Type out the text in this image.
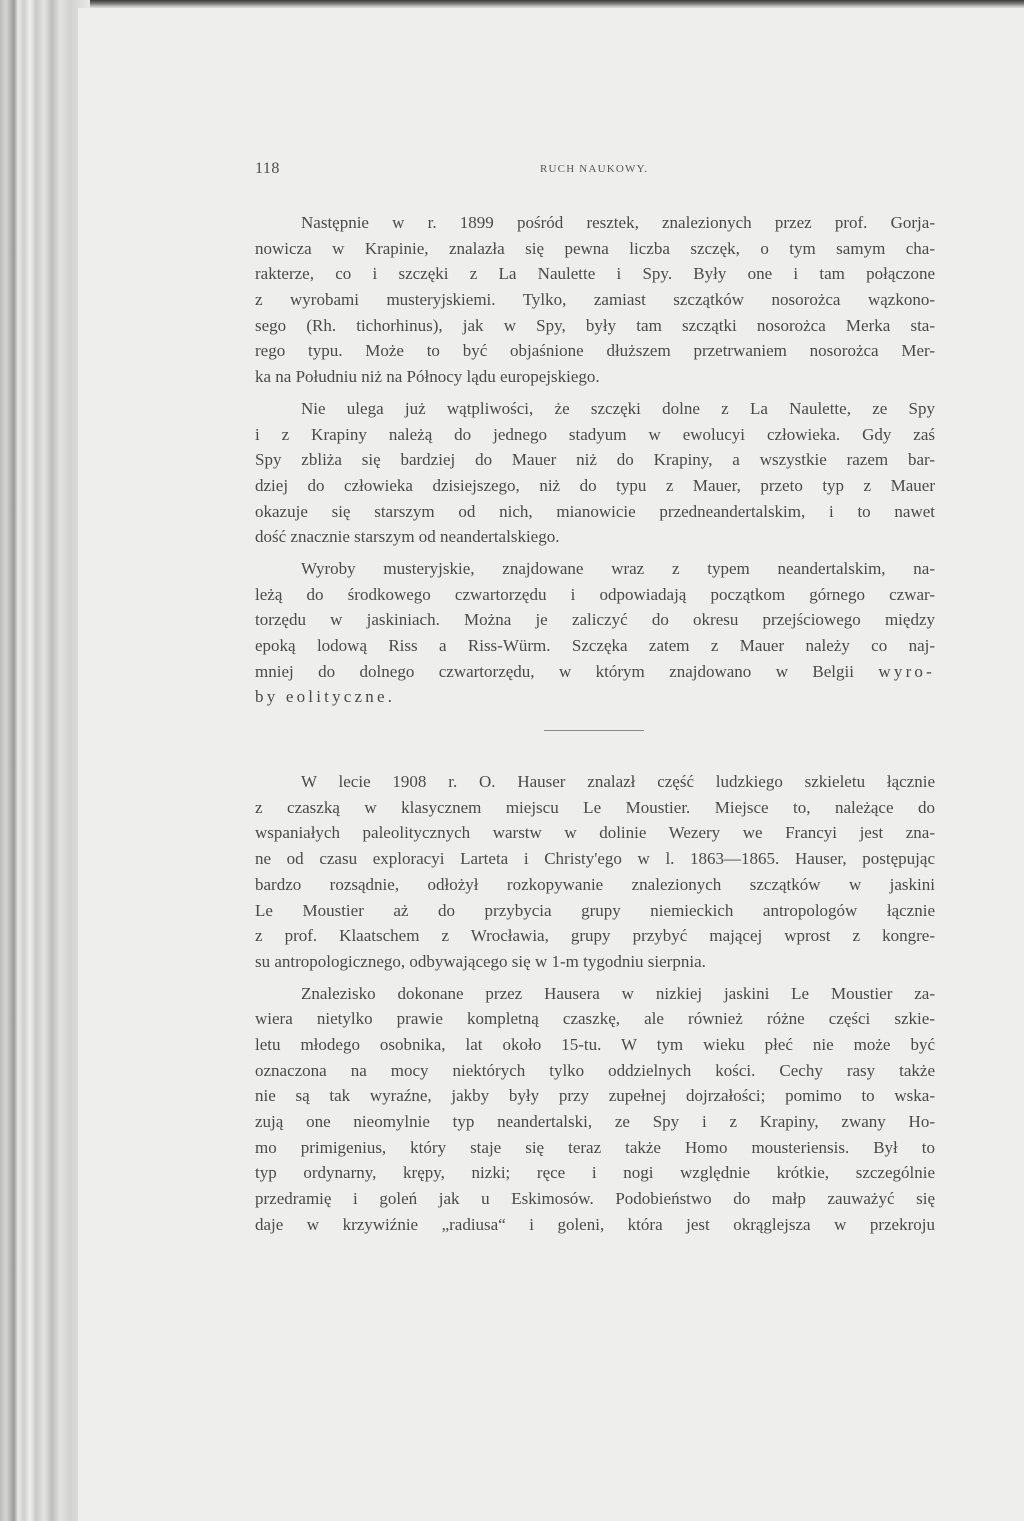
118	RUCH NAUKOWY.
Następnie w r. 1899 pośród resztek, znalezionych przez prof. Gorja-
nowicza w Krapinie, znalazła się pewna liczba szczęk, o tym samym cha-
rakterze, co i szczęki z La Naulette i Spy. Były one i tam połączone
z wyrobami musteryjskiemi. Tylko, zamiast szczątków nosorożca wązkono-
sego (Rh. tichorhinus), jak w Spy, były tam szczątki nosorożca Merka sta-
rego typu. Może to być objaśnione dłuższem przetrwaniem nosorożca Mer-
ka na Południu niż na Północy lądu europejskiego.
Nie ulega już wątpliwości, że szczęki dolne z La Naulette, ze Spy
i z Krapiny należą do jednego stadyum w ewolucyi człowieka. Gdy zaś
Spy zbliża się bardziej do Mauer niż do Krapiny, a wszystkie razem bar-
dziej do człowieka dzisiejszego, niż do typu z Mauer, przeto typ z Mauer
okazuje się starszym od nich, mianowicie przedneandertalskim, i to nawet
dość znacznie starszym od neandertalskiego.
Wyroby musteryjskie, znajdowane wraz z typem neandertalskim, na-
leżą do środkowego czwartorzędu i odpowiadają początkom górnego czwar-
torzędu w jaskiniach. Można je zaliczyć do okresu przejściowego między
epoką lodową Riss a Riss-Würm. Szczęka zatem z Mauer należy co naj-
mniej do dolnego czwartorzędu, w którym znajdowano w Belgii wyro-
by eolityczne.
W lecie 1908 r. O. Hauser znalazł część ludzkiego szkieletu łącznie
z czaszką w klasycznem miejscu Le Moustier. Miejsce to, należące do
wspaniałych paleolitycznych warstw w dolinie Wezery we Francyi jest zna-
ne od czasu exploracyi Larteta i Christy'ego w l. 1863—1865. Hauser, postępując
bardzo rozsądnie, odłożył rozkopywanie znalezionych szczątków w jaskini
Le Moustier aż do przybycia grupy niemieckich antropologów łącznie
z prof. Klaatschem z Wrocławia, grupy przybyć mającej wprost z kongre-
su antropologicznego, odbywającego się w 1-m tygodniu sierpnia.
Znalezisko dokonane przez Hausera w nizkiej jaskini Le Moustier za-
wiera nietylko prawie kompletną czaszkę, ale również różne części szkie-
letu młodego osobnika, lat około 15-tu. W tym wieku płeć nie może być
oznaczona na mocy niektórych tylko oddzielnych kości. Cechy rasy także
nie są tak wyraźne, jakby były przy zupełnej dojrzałości; pomimo to wska-
zują one nieomylnie typ neandertalski, ze Spy i z Krapiny, zwany Ho-
mo primigenius, który staje się teraz także Homo mousteriensis. Był to
typ ordynarny, krępy, nizki; ręce i nogi względnie krótkie, szczególnie
przedramię i goleń jak u Eskimosów. Podobieństwo do małp zauważyć się
daje w krzywiźnie „radiusa“ i goleni, która jest okrąglejsza w przekroju
